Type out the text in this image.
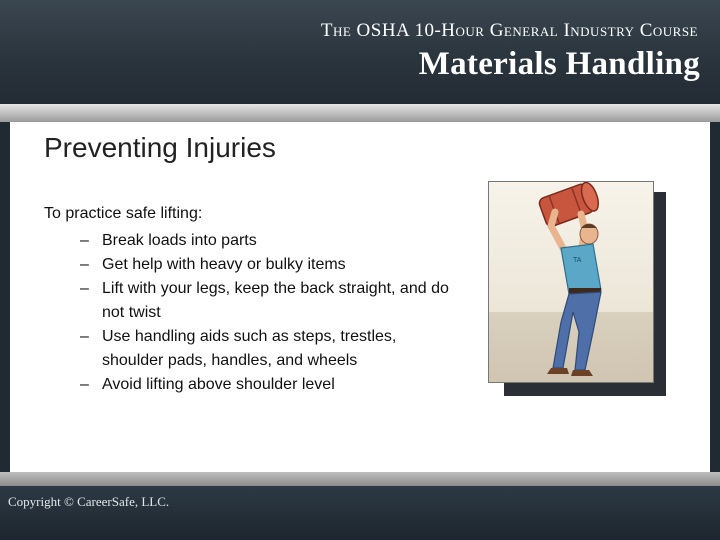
The OSHA 10-Hour General Industry Course
Materials Handling
Preventing Injuries
To practice safe lifting:
– Break loads into parts
– Get help with heavy or bulky items
– Lift with your legs, keep the back straight, and do not twist
– Use handling aids such as steps, trestles, shoulder pads, handles, and wheels
– Avoid lifting above shoulder level
TA
Copyright © CareerSafe, LLC.
